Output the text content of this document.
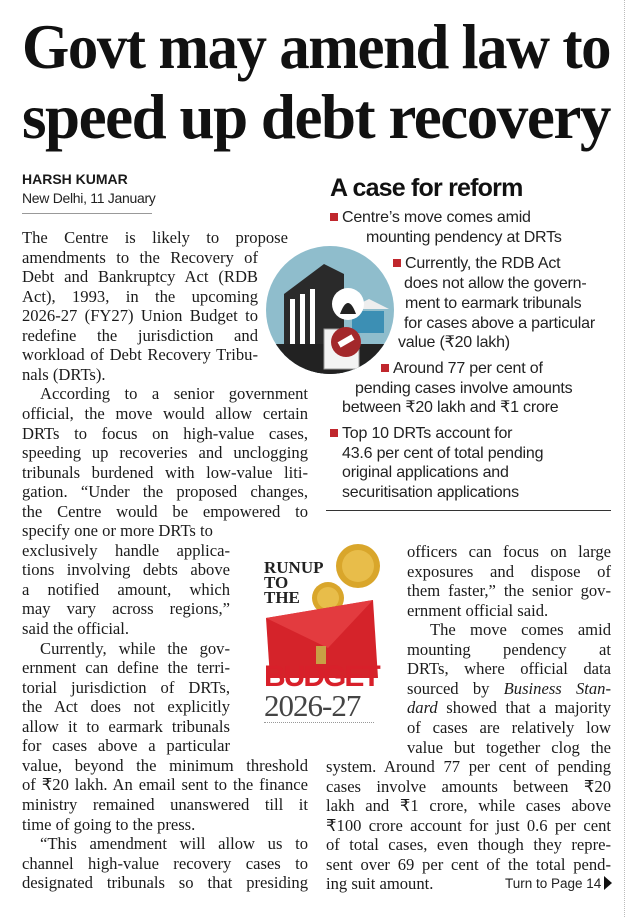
Govt may amend law to
speed up debt recovery
HARSH KUMAR
New Delhi, 11 January
The Centre is likely to propose
amendments to the Recovery of
Debt and Bankruptcy Act (RDB
Act), 1993, in the upcoming
2026-27 (FY27) Union Budget to
redefine the jurisdiction and
workload of Debt Recovery Tribu-
nals (DRTs).
According to a senior government
official, the move would allow certain
DRTs to focus on high-value cases,
speeding up recoveries and unclogging
tribunals burdened with low-value liti-
gation. “Under the proposed changes,
the Centre would be empowered to
specify one or more DRTs to
exclusively handle applica-
tions involving debts above
a notified amount, which
may vary across regions,”
said the official.
Currently, while the gov-
ernment can define the terri-
torial jurisdiction of DRTs,
the Act does not explicitly
allow it to earmark tribunals
for cases above a particular
value, beyond the minimum threshold
of ₹20 lakh. An email sent to the finance
ministry remained unanswered till it
time of going to the press.
“This amendment will allow us to
channel high-value recovery cases to
designated tribunals so that presiding
officers can focus on large
exposures and dispose of
them faster,” the senior gov-
ernment official said.
The move comes amid
mounting pendency at
DRTs, where official data
sourced by Business Stan-
dard showed that a majority
of cases are relatively low
value but together clog the
system. Around 77 per cent of pending
cases involve amounts between ₹20
lakh and ₹1 crore, while cases above
₹100 crore account for just 0.6 per cent
of total cases, even though they repre-
sent over 69 per cent of the total pend-
ing suit amount.
A case for reform
Centre’s move comes amid
mounting pendency at DRTs
Currently, the RDB Act
does not allow the govern-
ment to earmark tribunals
for cases above a particular
value (₹20 lakh)
Around 77 per cent of
pending cases involve amounts
between ₹20 lakh and ₹1 crore
Top 10 DRTs account for
43.6 per cent of total pending
original applications and
securitisation applications
RUNUP
TO
THE
BUDGET
2026-27
Turn to Page 14
